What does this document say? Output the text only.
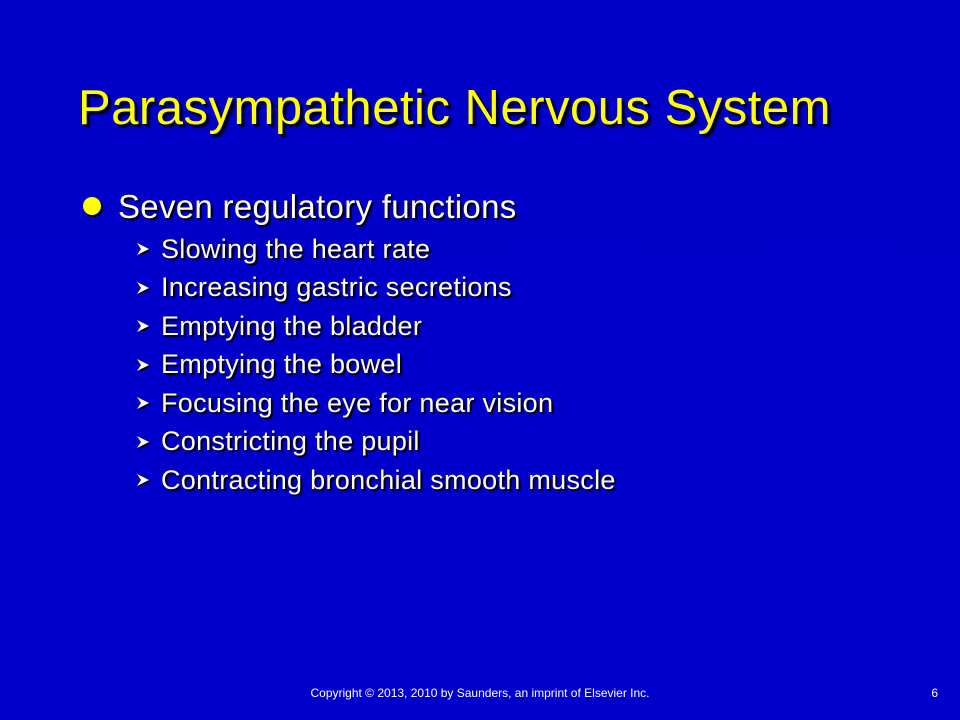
Parasympathetic Nervous System
Seven regulatory functions
Slowing the heart rate
Increasing gastric secretions
Emptying the bladder
Emptying the bowel
Focusing the eye for near vision
Constricting the pupil
Contracting bronchial smooth muscle
Copyright © 2013, 2010 by Saunders, an imprint of Elsevier Inc.	6
